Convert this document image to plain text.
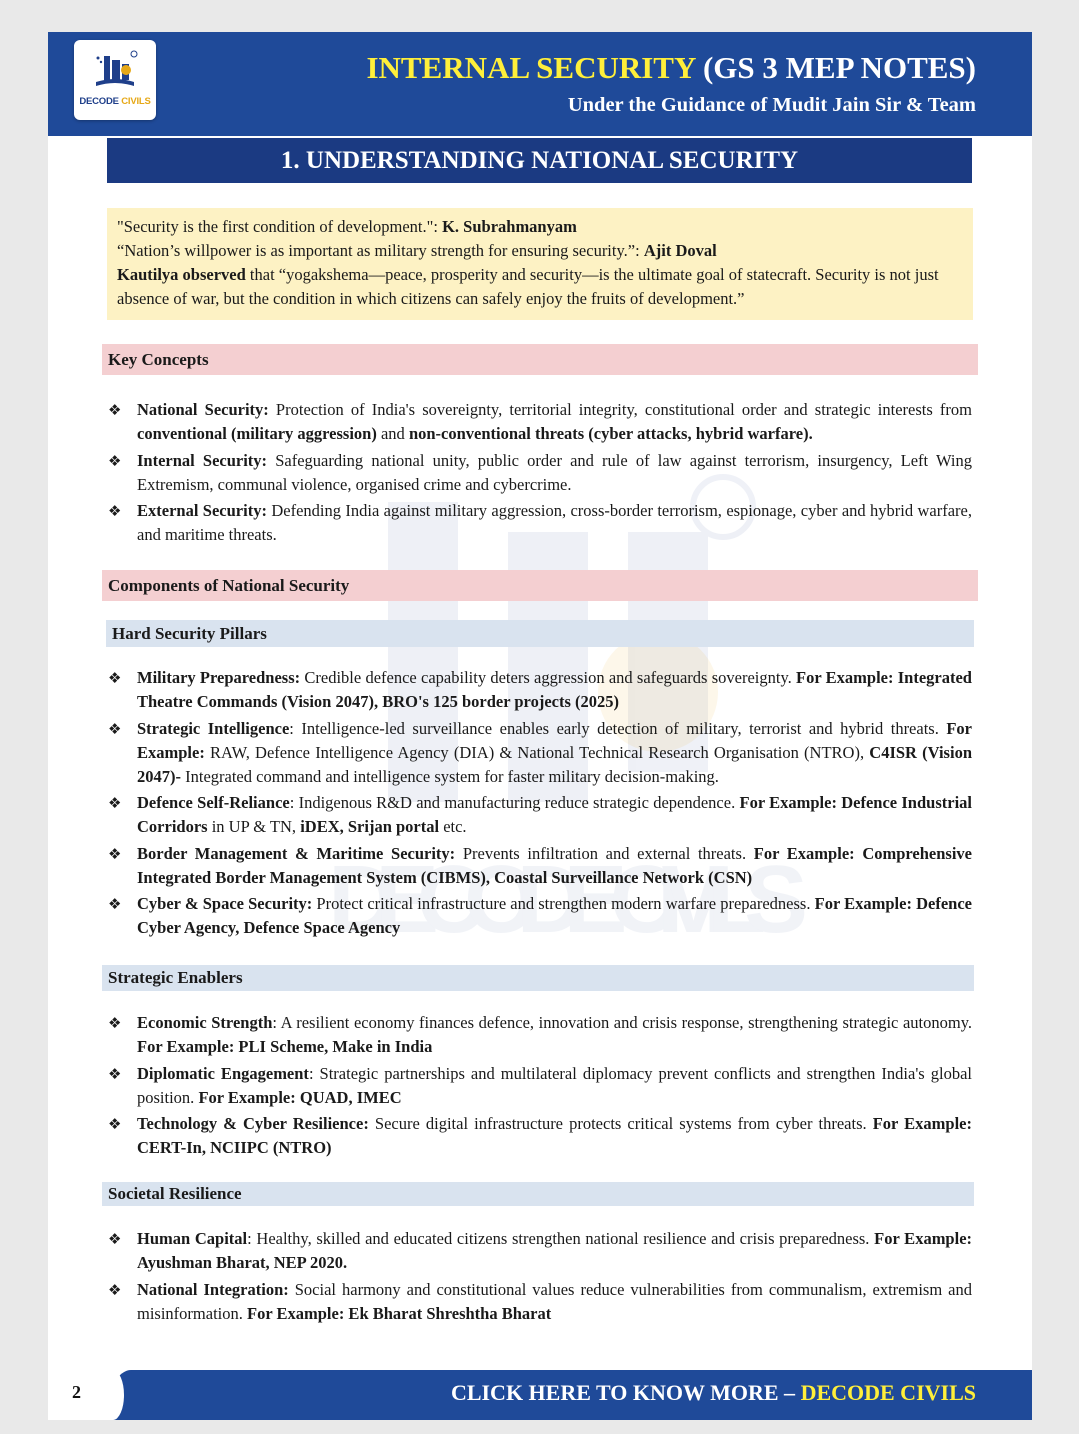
DECODE CIVILS
DECODE CIVILS
INTERNAL SECURITY (GS 3 MEP NOTES)
Under the Guidance of Mudit Jain Sir & Team
1. UNDERSTANDING NATIONAL SECURITY

"Security is the first condition of development.": K. Subrahmanyam

“Nation’s willpower is as important as military strength for ensuring security.”: Ajit Doval

Kautilya observed that “yogakshema—peace, prosperity and security—is the ultimate goal of statecraft. Security is not just absence of war, but the condition in which citizens can safely enjoy the fruits of development.”

Key Concepts
❖ National Security: Protection of India's sovereignty, territorial integrity, constitutional order and strategic interests from conventional (military aggression) and non-conventional threats (cyber attacks, hybrid warfare).
❖ Internal Security: Safeguarding national unity, public order and rule of law against terrorism, insurgency, Left Wing Extremism, communal violence, organised crime and cybercrime.
❖ External Security: Defending India against military aggression, cross-border terrorism, espionage, cyber and hybrid warfare, and maritime threats.
Components of National Security
Hard Security Pillars
❖ Military Preparedness: Credible defence capability deters aggression and safeguards sovereignty. For Example: Integrated Theatre Commands (Vision 2047), BRO's 125 border projects (2025)
❖ Strategic Intelligence: Intelligence-led surveillance enables early detection of military, terrorist and hybrid threats. For Example: RAW, Defence Intelligence Agency (DIA) & National Technical Research Organisation (NTRO), C4ISR (Vision 2047)- Integrated command and intelligence system for faster military decision-making.
❖ Defence Self-Reliance: Indigenous R&D and manufacturing reduce strategic dependence. For Example: Defence Industrial Corridors in UP & TN, iDEX, Srijan portal etc.
❖ Border Management & Maritime Security: Prevents infiltration and external threats. For Example: Comprehensive Integrated Border Management System (CIBMS), Coastal Surveillance Network (CSN)
❖ Cyber & Space Security: Protect critical infrastructure and strengthen modern warfare preparedness. For Example: Defence Cyber Agency, Defence Space Agency
Strategic Enablers
❖ Economic Strength: A resilient economy finances defence, innovation and crisis response, strengthening strategic autonomy. For Example: PLI Scheme, Make in India
❖ Diplomatic Engagement: Strategic partnerships and multilateral diplomacy prevent conflicts and strengthen India's global position. For Example: QUAD, IMEC
❖ Technology & Cyber Resilience: Secure digital infrastructure protects critical systems from cyber threats. For Example: CERT-In, NCIIPC (NTRO)
Societal Resilience
❖ Human Capital: Healthy, skilled and educated citizens strengthen national resilience and crisis preparedness. For Example: Ayushman Bharat, NEP 2020.
❖ National Integration: Social harmony and constitutional values reduce vulnerabilities from communalism, extremism and misinformation. For Example: Ek Bharat Shreshtha Bharat
2	CLICK HERE TO KNOW MORE – DECODE CIVILS
